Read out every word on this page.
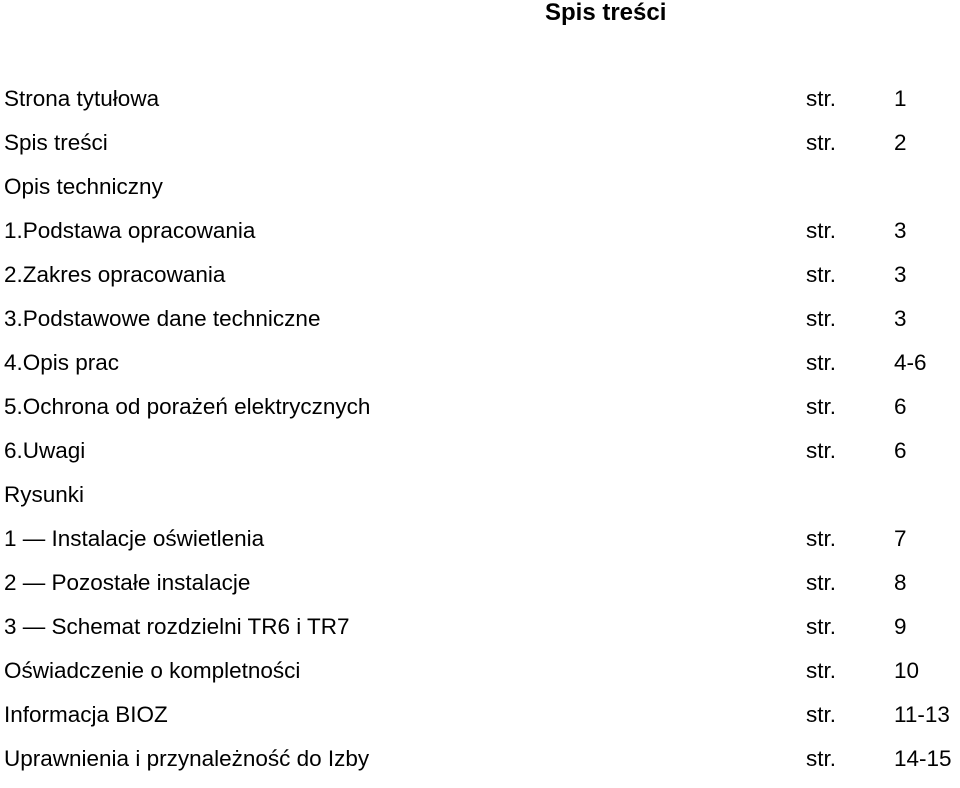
Spis treści
Strona tytułowa	str.	1
Spis treści	str.	2
Opis techniczny
1.Podstawa opracowania	str.	3
2.Zakres opracowania	str.	3
3.Podstawowe dane techniczne	str.	3
4.Opis prac	str.	4-6
5.Ochrona od porażeń elektrycznych	str.	6
6.Uwagi	str.	6
Rysunki
1 — Instalacje oświetlenia	str.	7
2 — Pozostałe instalacje	str.	8
3 — Schemat rozdzielni TR6 i TR7	str.	9
Oświadczenie o kompletności	str.	10
Informacja BIOZ	str.	11-13
Uprawnienia i przynależność do Izby	str.	14-15
